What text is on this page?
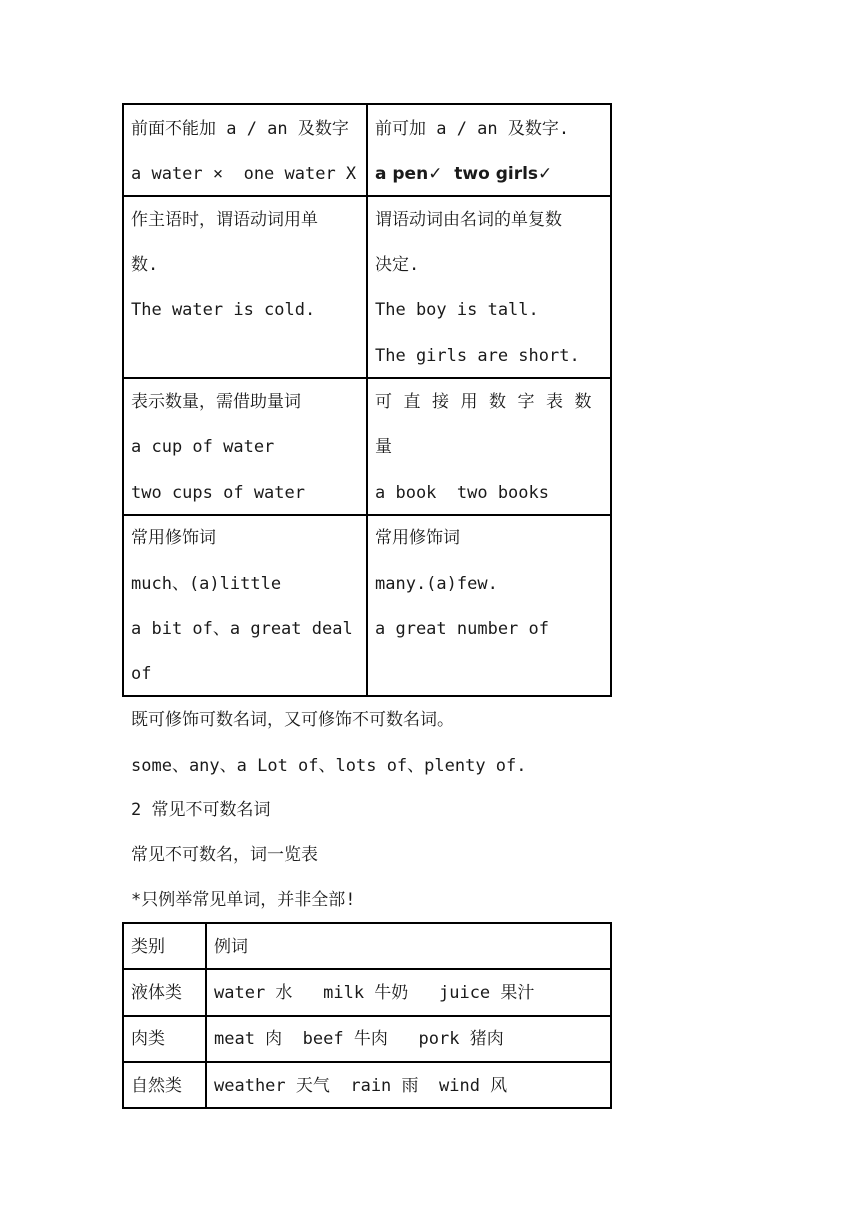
前面不能加 a / an 及数字
a water ×  one water X
前可加 a / an 及数字.
a pen✓  two girls✓
作主语时，谓语动词用单
数.
The water is cold.
谓语动词由名词的单复数
决定.
The boy is tall.
The girls are short.
表示数量，需借助量词
a cup of water
two cups of water
可直接用数字表数
量
a book  two books
常用修饰词
much、(a)little
a bit of、a great deal
of
常用修饰词
many.(a)few.
a great number of

既可修饰可数名词，又可修饰不可数名词。

some、any、a Lot of、lots of、plenty of.

2 常见不可数名词

常见不可数名，词一览表

*只例举常见单词，并非全部!

类别	例词
液体类 water 水   milk 牛奶   juice 果汁
肉类	meat 肉  beef 牛肉   pork 猪肉
自然类 weather 天气  rain 雨  wind 风
